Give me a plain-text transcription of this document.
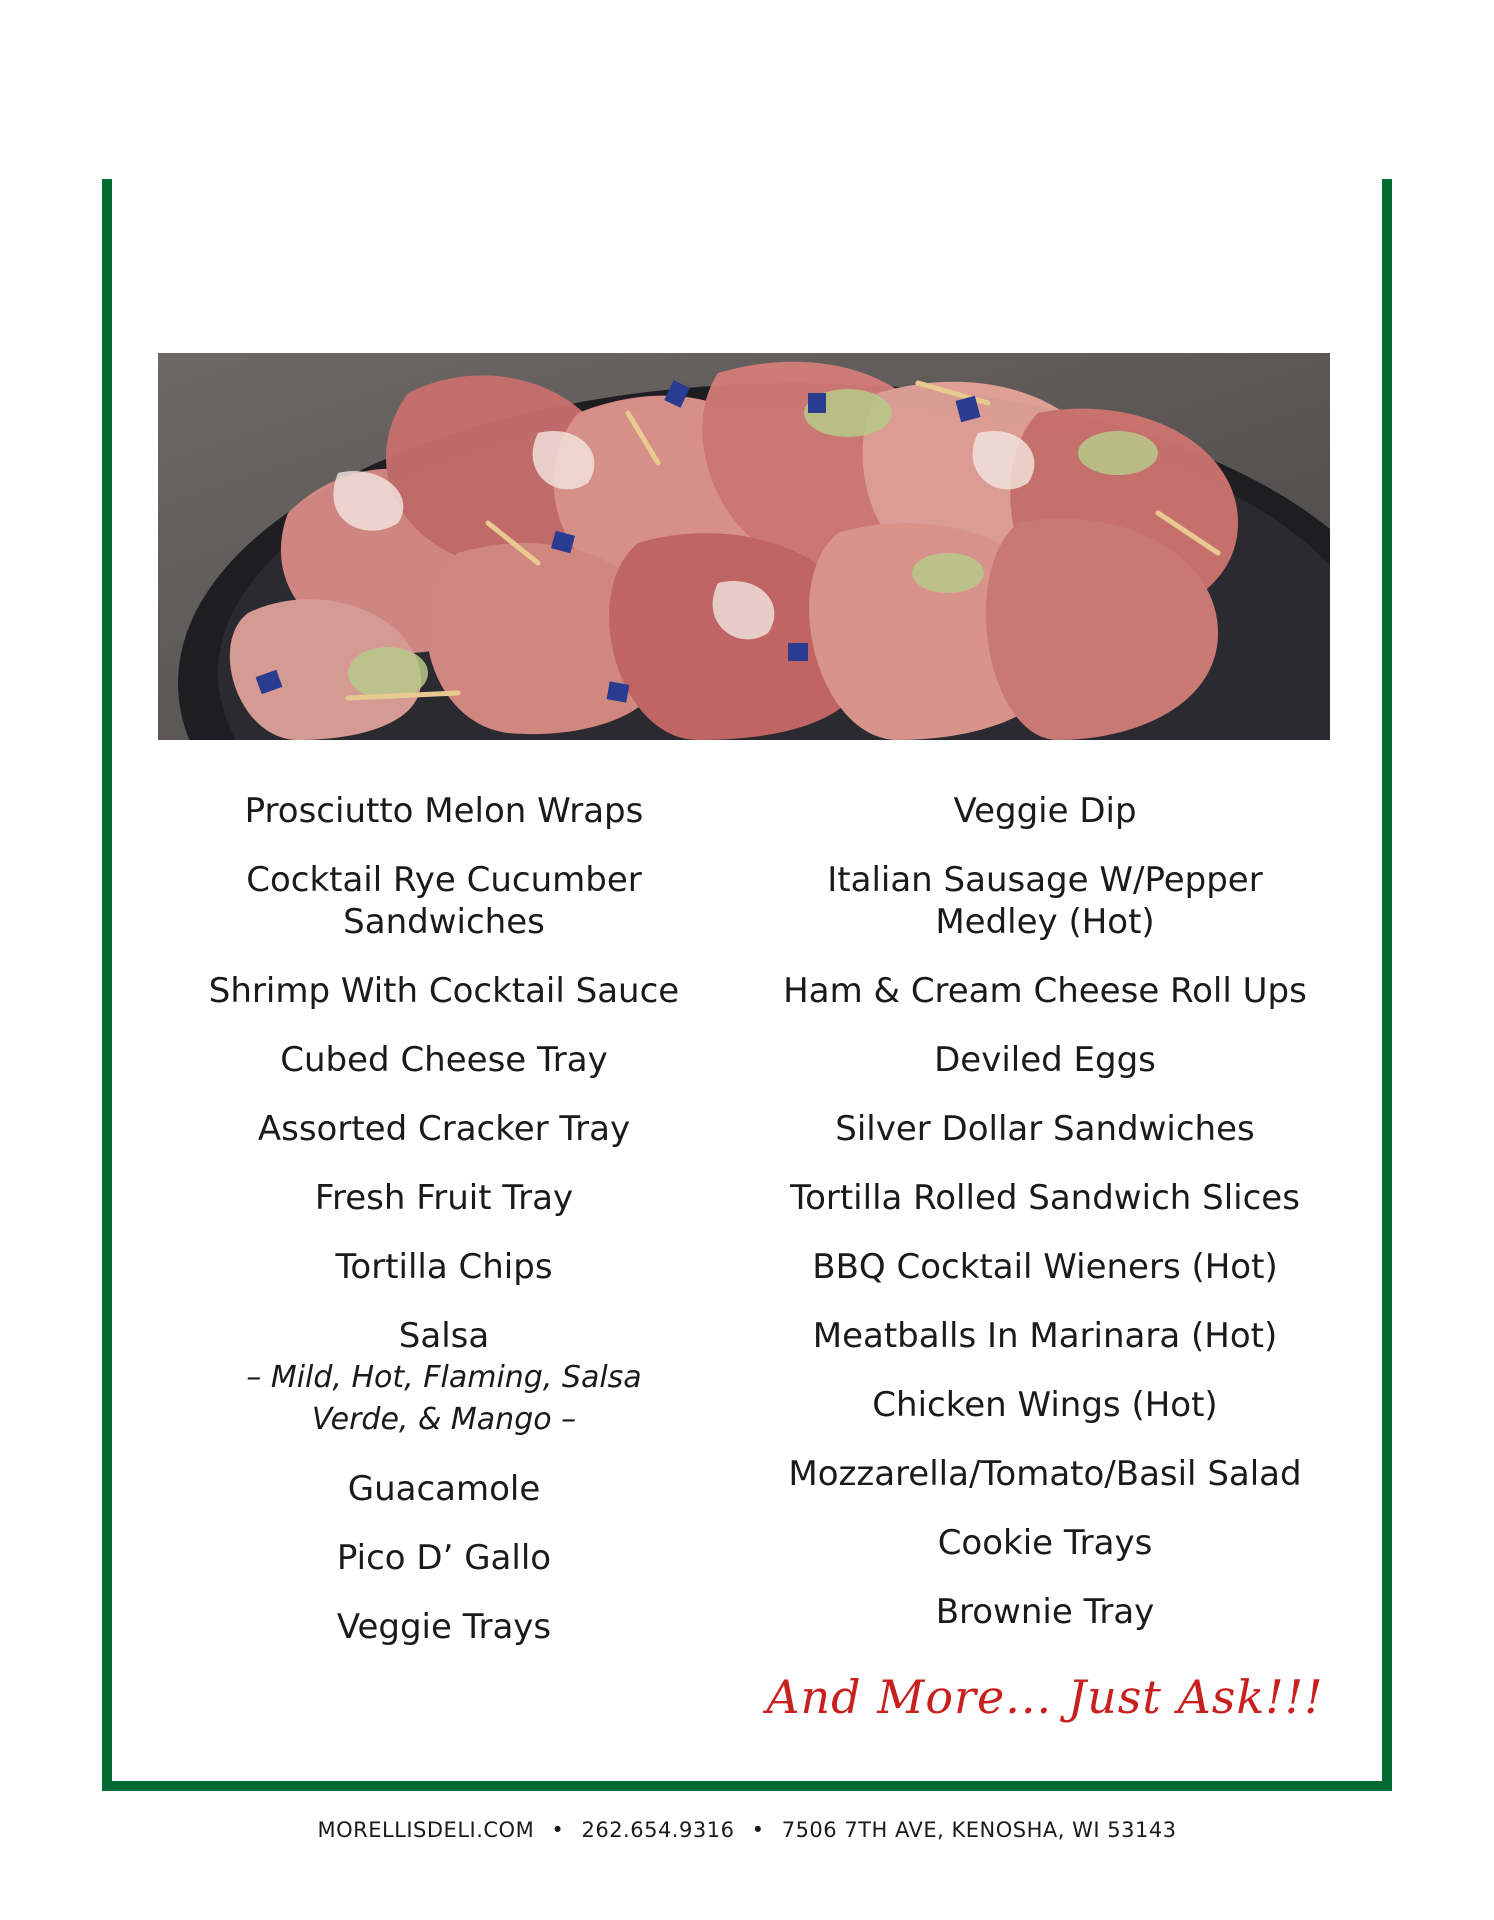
APPETIZERS
Prosciutto Melon Wraps
Cocktail Rye Cucumber Sandwiches
Shrimp With Cocktail Sauce
Cubed Cheese Tray
Assorted Cracker Tray
Fresh Fruit Tray
Tortilla Chips
Salsa
– Mild, Hot, Flaming, Salsa Verde, & Mango –
Guacamole
Pico D’ Gallo
Veggie Trays
Veggie Dip
Italian Sausage W/Pepper Medley (Hot)
Ham & Cream Cheese Roll Ups
Deviled Eggs
Silver Dollar Sandwiches
Tortilla Rolled Sandwich Slices
BBQ Cocktail Wieners (Hot)
Meatballs In Marinara (Hot)
Chicken Wings (Hot)
Mozzarella/Tomato/Basil Salad
Cookie Trays
Brownie Tray
And More... Just Ask!!!
MORELLISDELI.COM • 262.654.9316 • 7506 7TH AVE, KENOSHA, WI 53143
